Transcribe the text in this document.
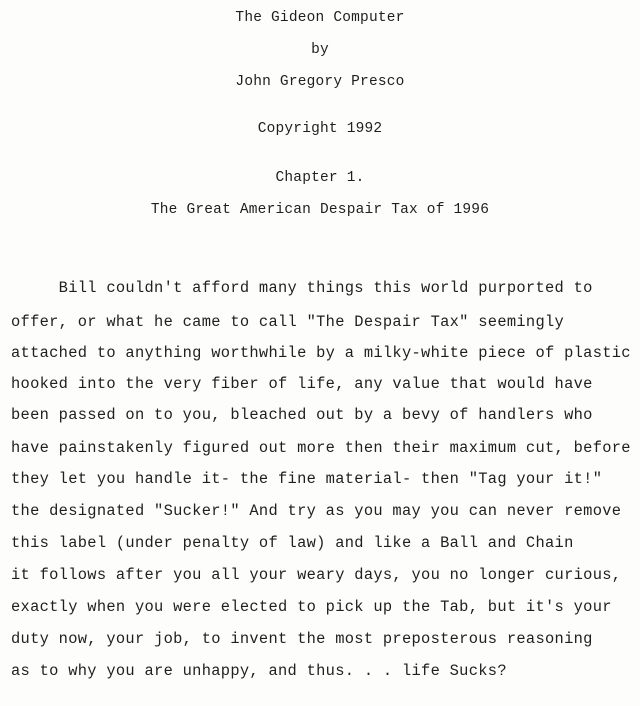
The Gideon Computer
by
John Gregory Presco
Copyright 1992
Chapter 1.
The Great American Despair Tax of 1996
Bill couldn't afford many things this world purported to
offer, or what he came to call "The Despair Tax" seemingly
attached to anything worthwhile by a milky-white piece of plastic
hooked into the very fiber of life, any value that would have
been passed on to you, bleached out by a bevy of handlers who
have painstakenly figured out more then their maximum cut, before
they let you handle it- the fine material- then "Tag your it!"
the designated "Sucker!" And try as you may you can never remove
this label (under penalty of law) and like a Ball and Chain
it follows after you all your weary days, you no longer curious,
exactly when you were elected to pick up the Tab, but it's your
duty now, your job, to invent the most preposterous reasoning
as to why you are unhappy, and thus. . . life Sucks?
